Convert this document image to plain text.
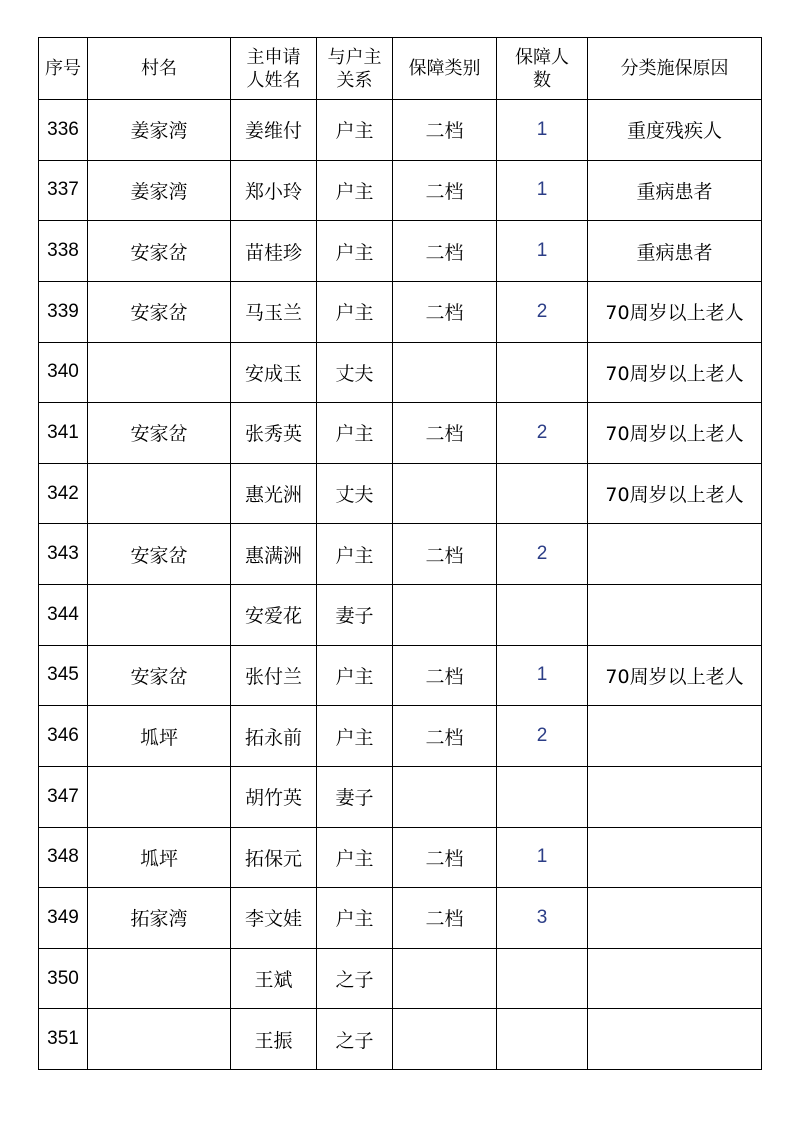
序号	村名	主申请人姓名	与户主关系	保障类别	保障人数	分类施保原因
336	姜家湾	姜维付	户主	二档	1	重度残疾人
337	姜家湾	郑小玲	户主	二档	1	重病患者
338	安家岔	苗桂珍	户主	二档	1	重病患者
339	安家岔	马玉兰	户主	二档	2	70周岁以上老人
340		安成玉	丈夫			70周岁以上老人
341	安家岔	张秀英	户主	二档	2	70周岁以上老人
342		惠光洲	丈夫			70周岁以上老人
343	安家岔	惠满洲	户主	二档	2	
344		安爱花	妻子			
345	安家岔	张付兰	户主	二档	1	70周岁以上老人
346	坬坪	拓永前	户主	二档	2	
347		胡竹英	妻子			
348	坬坪	拓保元	户主	二档	1	
349	拓家湾	李文娃	户主	二档	3	
350		王斌	之子			
351		王振	之子			
